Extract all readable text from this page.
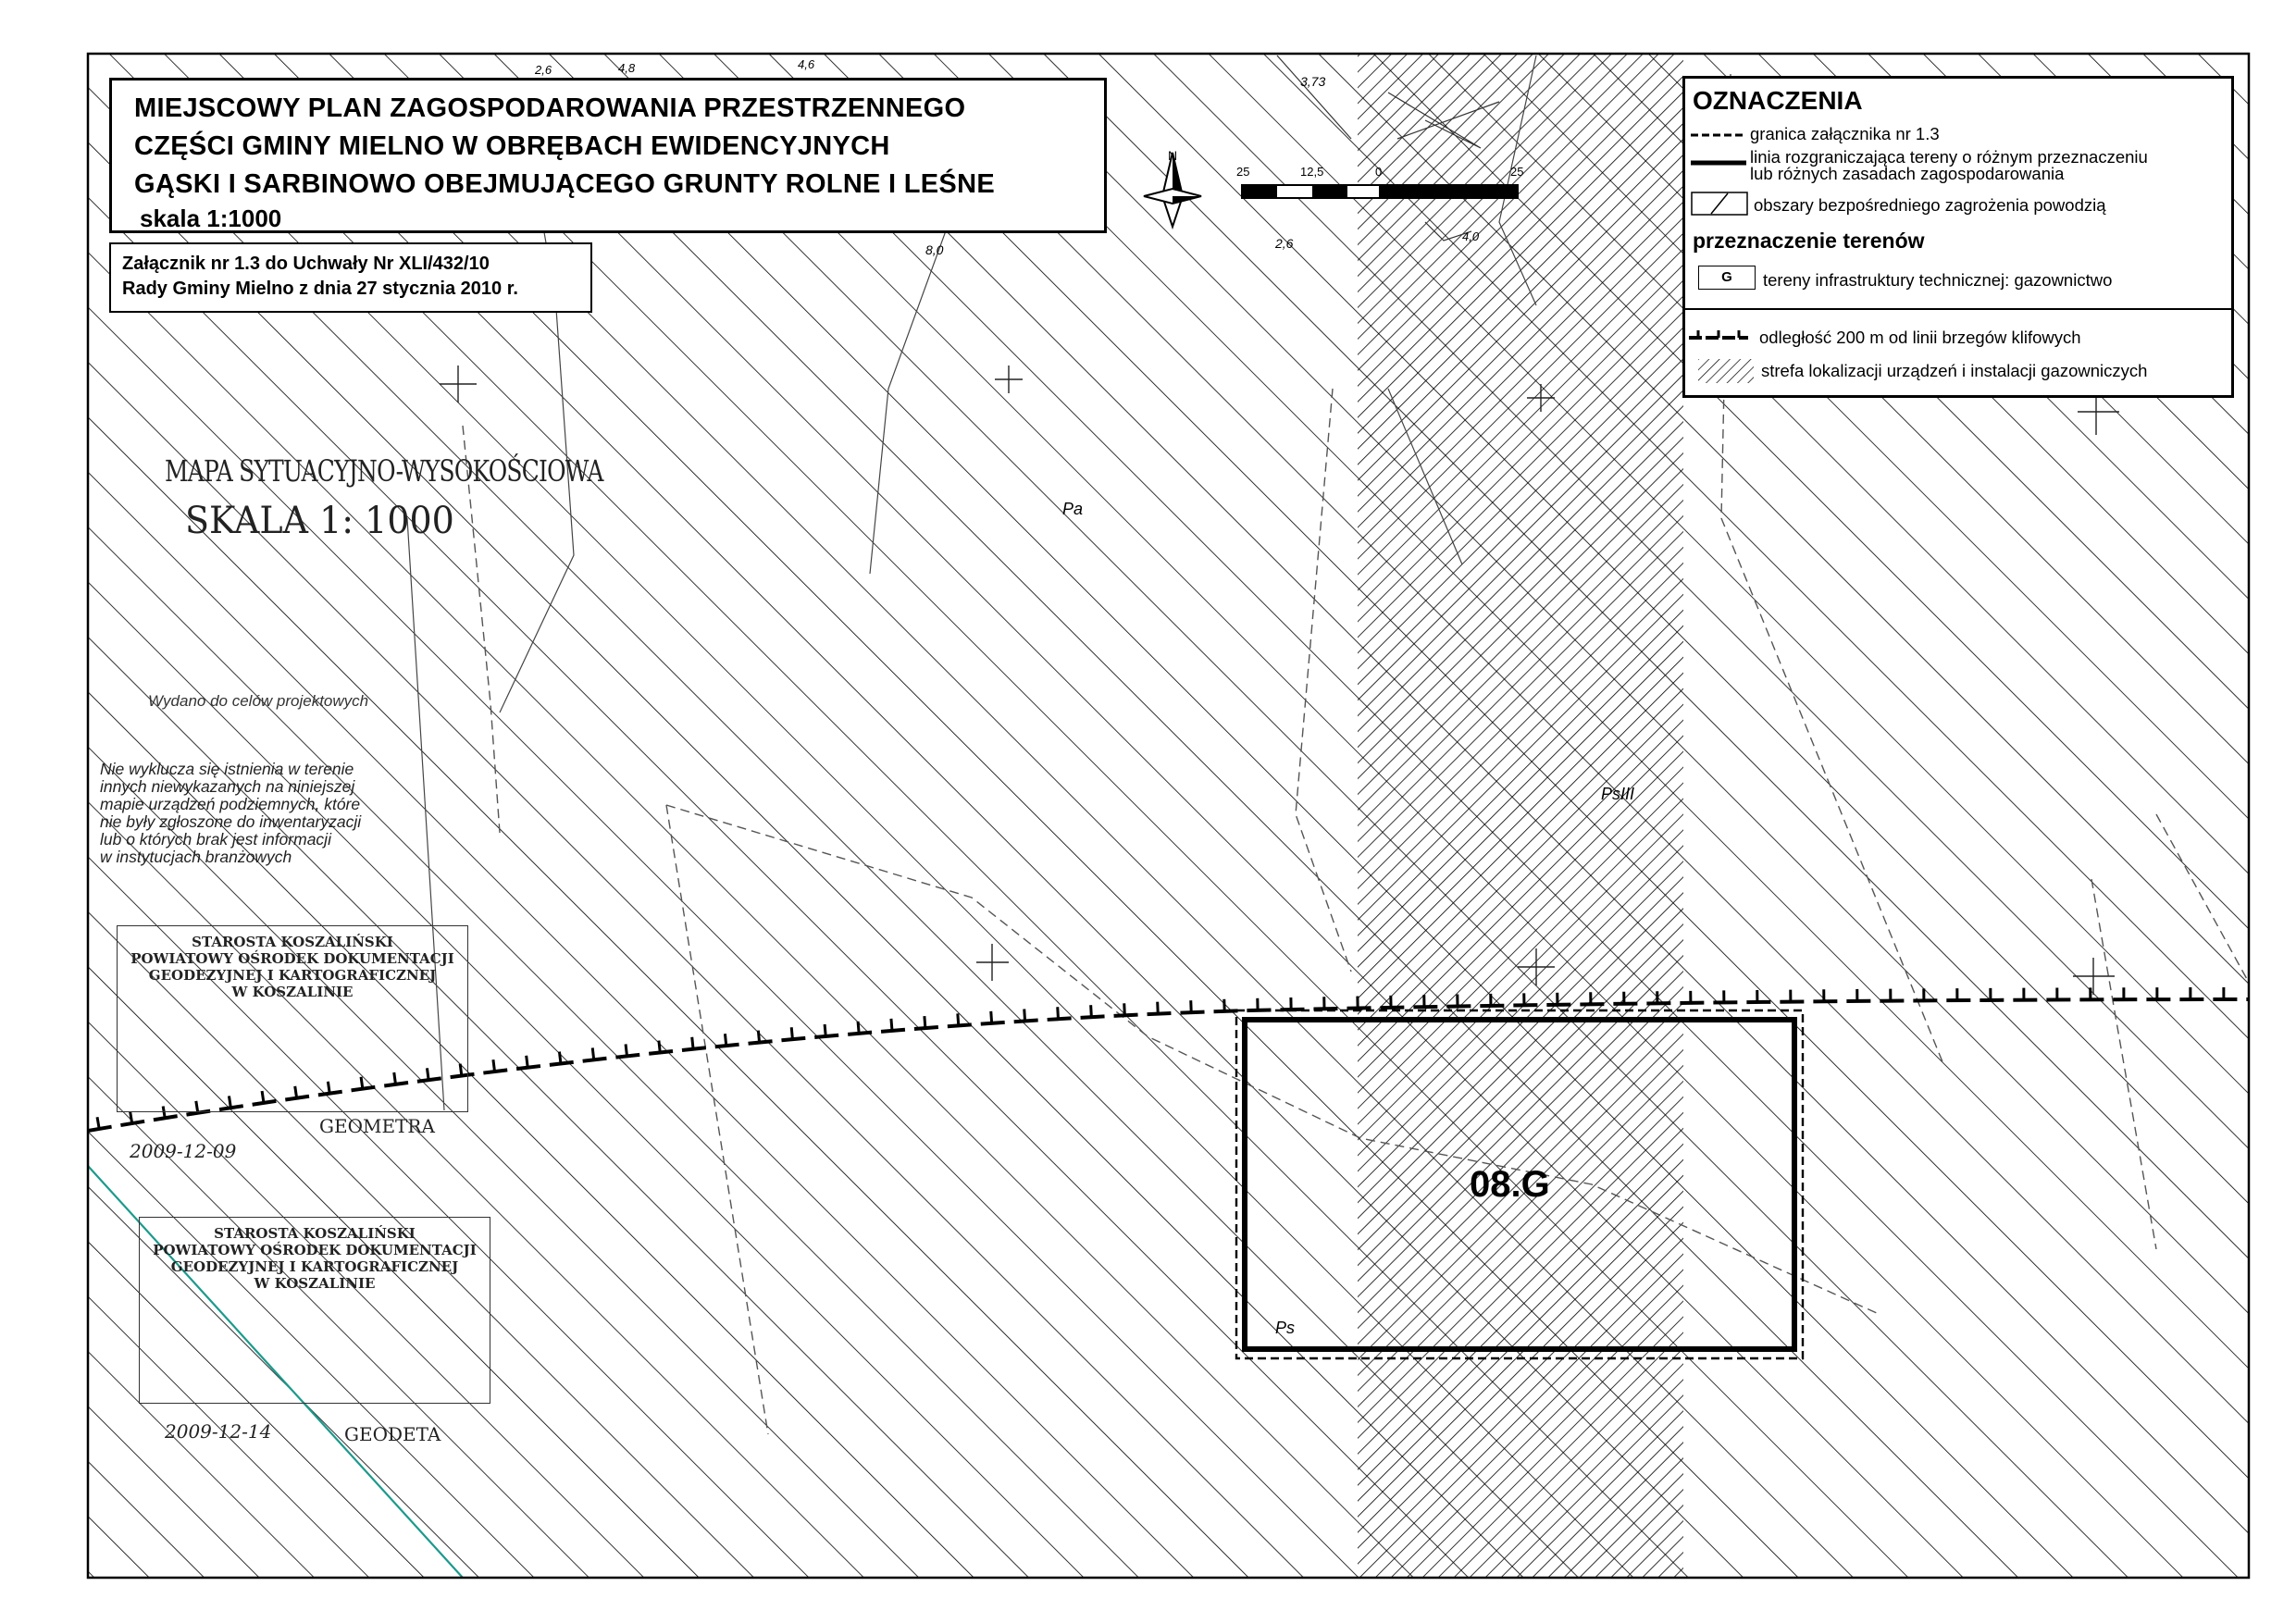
25	12,5	0	25
N
Pa
PsIII
Ps
8,0	2,6
3,73
4,6
4,8
2,6
4,0
MAPA SYTUACYJNO-WYSOKOŚCIOWA
SKALA 1: 1000
Wydano do celów projektowych
Nie wyklucza się istnienia w terenie
innych niewykazanych na niniejszej
mapie urządzeń podziemnych, które
nie były zgłoszone do inwentaryzacji
lub o których brak jest informacji
w instytucjach branżowych
STAROSTA KOSZALIŃSKI
POWIATOWY OŚRODEK DOKUMENTACJI
GEODEZYJNEJ I KARTOGRAFICZNEJ
W KOSZALINIE
2009-12-09
GEOMETRA
STAROSTA KOSZALIŃSKI
POWIATOWY OŚRODEK DOKUMENTACJI
GEODEZYJNEJ I KARTOGRAFICZNEJ
W KOSZALINIE
2009-12-14	GEODETA
08.G
MIEJSCOWY PLAN ZAGOSPODAROWANIA PRZESTRZENNEGO
CZĘŚCI GMINY MIELNO W OBRĘBACH EWIDENCYJNYCH
GĄSKI I SARBINOWO OBEJMUJĄCEGO GRUNTY ROLNE I LEŚNE
skala 1:1000
Załącznik nr 1.3 do Uchwały Nr XLI/432/10
Rady Gminy Mielno z dnia 27 stycznia 2010 r.
OZNACZENIA
granica załącznika nr 1.3
linia rozgraniczająca tereny o różnym przeznaczeniu
lub różnych zasadach zagospodarowania
obszary bezpośredniego zagrożenia powodzią
przeznaczenie terenów
G	tereny infrastruktury technicznej: gazownictwo
odległość 200 m od linii brzegów klifowych
strefa lokalizacji urządzeń i instalacji gazowniczych
